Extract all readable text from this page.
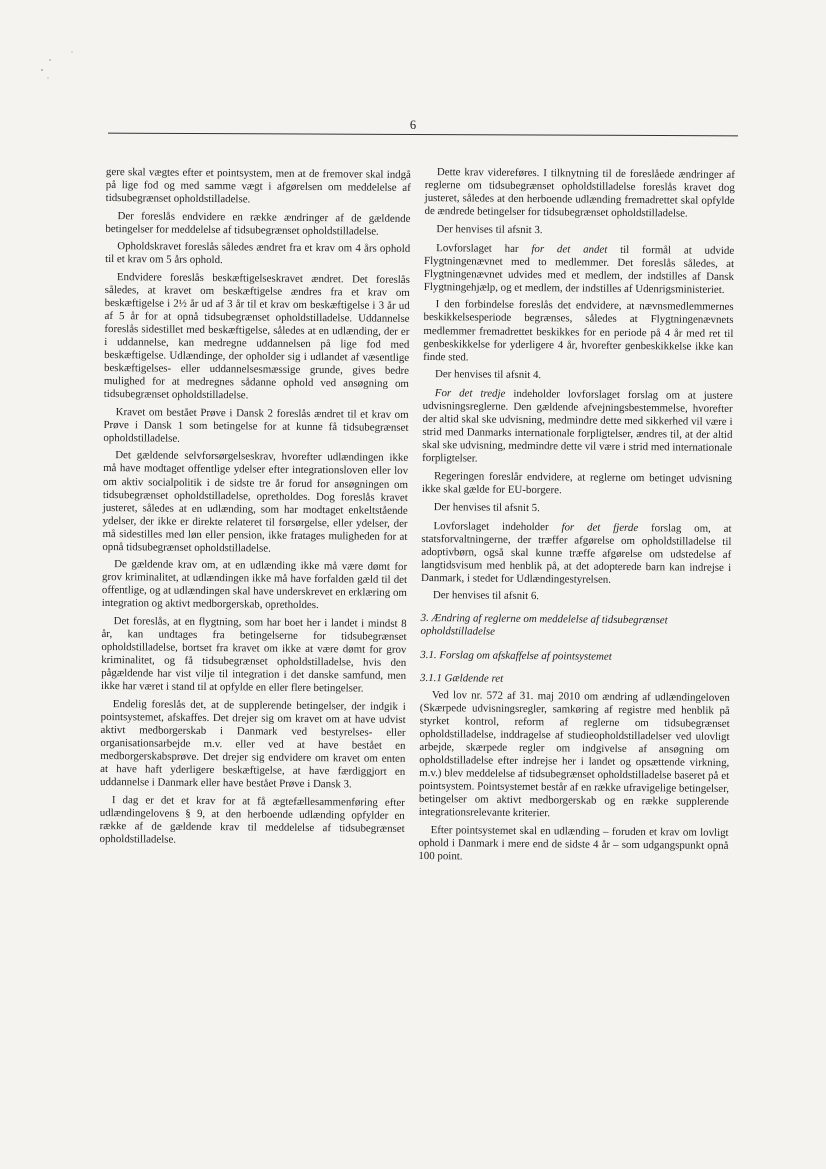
6

gere skal vægtes efter et pointsystem, men at de fremover skal indgå på lige fod og med samme vægt i afgørelsen om meddelelse af tidsubegrænset opholdstilladelse.

Der foreslås endvidere en række ændringer af de gældende betingelser for meddelelse af tidsubegrænset opholdstilladelse.

Opholdskravet foreslås således ændret fra et krav om 4 års ophold til et krav om 5 års ophold.

Endvidere foreslås beskæftigelseskravet ændret. Det foreslås således, at kravet om beskæftigelse ændres fra et krav om beskæftigelse i 2½ år ud af 3 år til et krav om beskæftigelse i 3 år ud af 5 år for at opnå tidsubegrænset opholdstilladelse. Uddannelse foreslås sidestillet med beskæftigelse, således at en udlænding, der er i uddannelse, kan medregne uddannelsen på lige fod med beskæftigelse. Udlændinge, der opholder sig i udlandet af væsentlige beskæftigelses- eller uddannelsesmæssige grunde, gives bedre mulighed for at medregnes sådanne ophold ved ansøgning om tidsubegrænset opholdstilladelse.

Kravet om bestået Prøve i Dansk 2 foreslås ændret til et krav om Prøve i Dansk 1 som betingelse for at kunne få tidsubegrænset opholdstilladelse.

Det gældende selvforsørgelseskrav, hvorefter udlændingen ikke må have modtaget offentlige ydelser efter integrationsloven eller lov om aktiv socialpolitik i de sidste tre år forud for ansøgningen om tidsubegrænset opholdstilladelse, opretholdes. Dog foreslås kravet justeret, således at en udlænding, som har modtaget enkeltstående ydelser, der ikke er direkte relateret til forsørgelse, eller ydelser, der må sidestilles med løn eller pension, ikke fratages muligheden for at opnå tidsubegrænset opholdstilladelse.

De gældende krav om, at en udlænding ikke må være dømt for grov kriminalitet, at udlændingen ikke må have forfalden gæld til det offentlige, og at udlændingen skal have underskrevet en erklæring om integration og aktivt medborgerskab, opretholdes.

Det foreslås, at en flygtning, som har boet her i landet i mindst 8 år, kan undtages fra betingelserne for tidsubegrænset opholdstilladelse, bortset fra kravet om ikke at være dømt for grov kriminalitet, og få tidsubegrænset opholdstilladelse, hvis den pågældende har vist vilje til integration i det danske samfund, men ikke har været i stand til at opfylde en eller flere betingelser.

Endelig foreslås det, at de supplerende betingelser, der indgik i pointsystemet, afskaffes. Det drejer sig om kravet om at have udvist aktivt medborgerskab i Danmark ved bestyrelses- eller organisationsarbejde m.v. eller ved at have bestået en medborgerskabsprøve. Det drejer sig endvidere om kravet om enten at have haft yderligere beskæftigelse, at have færdiggjort en uddannelse i Danmark eller have bestået Prøve i Dansk 3.

I dag er det et krav for at få ægtefællesammenføring efter udlændingelovens § 9, at den herboende udlænding opfylder en række af de gældende krav til meddelelse af tidsubegrænset opholdstilladelse.

Dette krav videreføres. I tilknytning til de foreslåede ændringer af reglerne om tidsubegrænset opholdstilladelse foreslås kravet dog justeret, således at den herboende udlænding fremadrettet skal opfylde de ændrede betingelser for tidsubegrænset opholdstilladelse.

Der henvises til afsnit 3.

Lovforslaget har for det andet til formål at udvide Flygtningenævnet med to medlemmer. Det foreslås således, at Flygtningenævnet udvides med et medlem, der indstilles af Dansk Flygtningehjælp, og et medlem, der indstilles af Udenrigsministeriet.

I den forbindelse foreslås det endvidere, at nævnsmedlemmernes beskikkelsesperiode begrænses, således at Flygtningenævnets medlemmer fremadrettet beskikkes for en periode på 4 år med ret til genbeskikkelse for yderligere 4 år, hvorefter genbeskikkelse ikke kan finde sted.

Der henvises til afsnit 4.

For det tredje indeholder lovforslaget forslag om at justere udvisningsreglerne. Den gældende afvejningsbestemmelse, hvorefter der altid skal ske udvisning, medmindre dette med sikkerhed vil være i strid med Danmarks internationale forpligtelser, ændres til, at der altid skal ske udvisning, medmindre dette vil være i strid med internationale forpligtelser.

Regeringen foreslår endvidere, at reglerne om betinget udvisning ikke skal gælde for EU-borgere.

Der henvises til afsnit 5.

Lovforslaget indeholder for det fjerde forslag om, at statsforvaltningerne, der træffer afgørelse om opholdstilladelse til adoptivbørn, også skal kunne træffe afgørelse om udstedelse af langtidsvisum med henblik på, at det adopterede barn kan indrejse i Danmark, i stedet for Udlændingestyrelsen.

Der henvises til afsnit 6.

3. Ændring af reglerne om meddelelse af tidsubegrænset opholdstilladelse

3.1. Forslag om afskaffelse af pointsystemet

3.1.1 Gældende ret

Ved lov nr. 572 af 31. maj 2010 om ændring af udlændingeloven (Skærpede udvisningsregler, samkøring af registre med henblik på styrket kontrol, reform af reglerne om tidsubegrænset opholdstilladelse, inddragelse af studieopholdstilladelser ved ulovligt arbejde, skærpede regler om indgivelse af ansøgning om opholdstilladelse efter indrejse her i landet og opsættende virkning, m.v.) blev meddelelse af tidsubegrænset opholdstilladelse baseret på et pointsystem. Pointsystemet består af en række ufravigelige betingelser, betingelser om aktivt medborgerskab og en række supplerende integrationsrelevante kriterier.

Efter pointsystemet skal en udlænding – foruden et krav om lovligt ophold i Danmark i mere end de sidste 4 år – som udgangspunkt opnå 100 point.
